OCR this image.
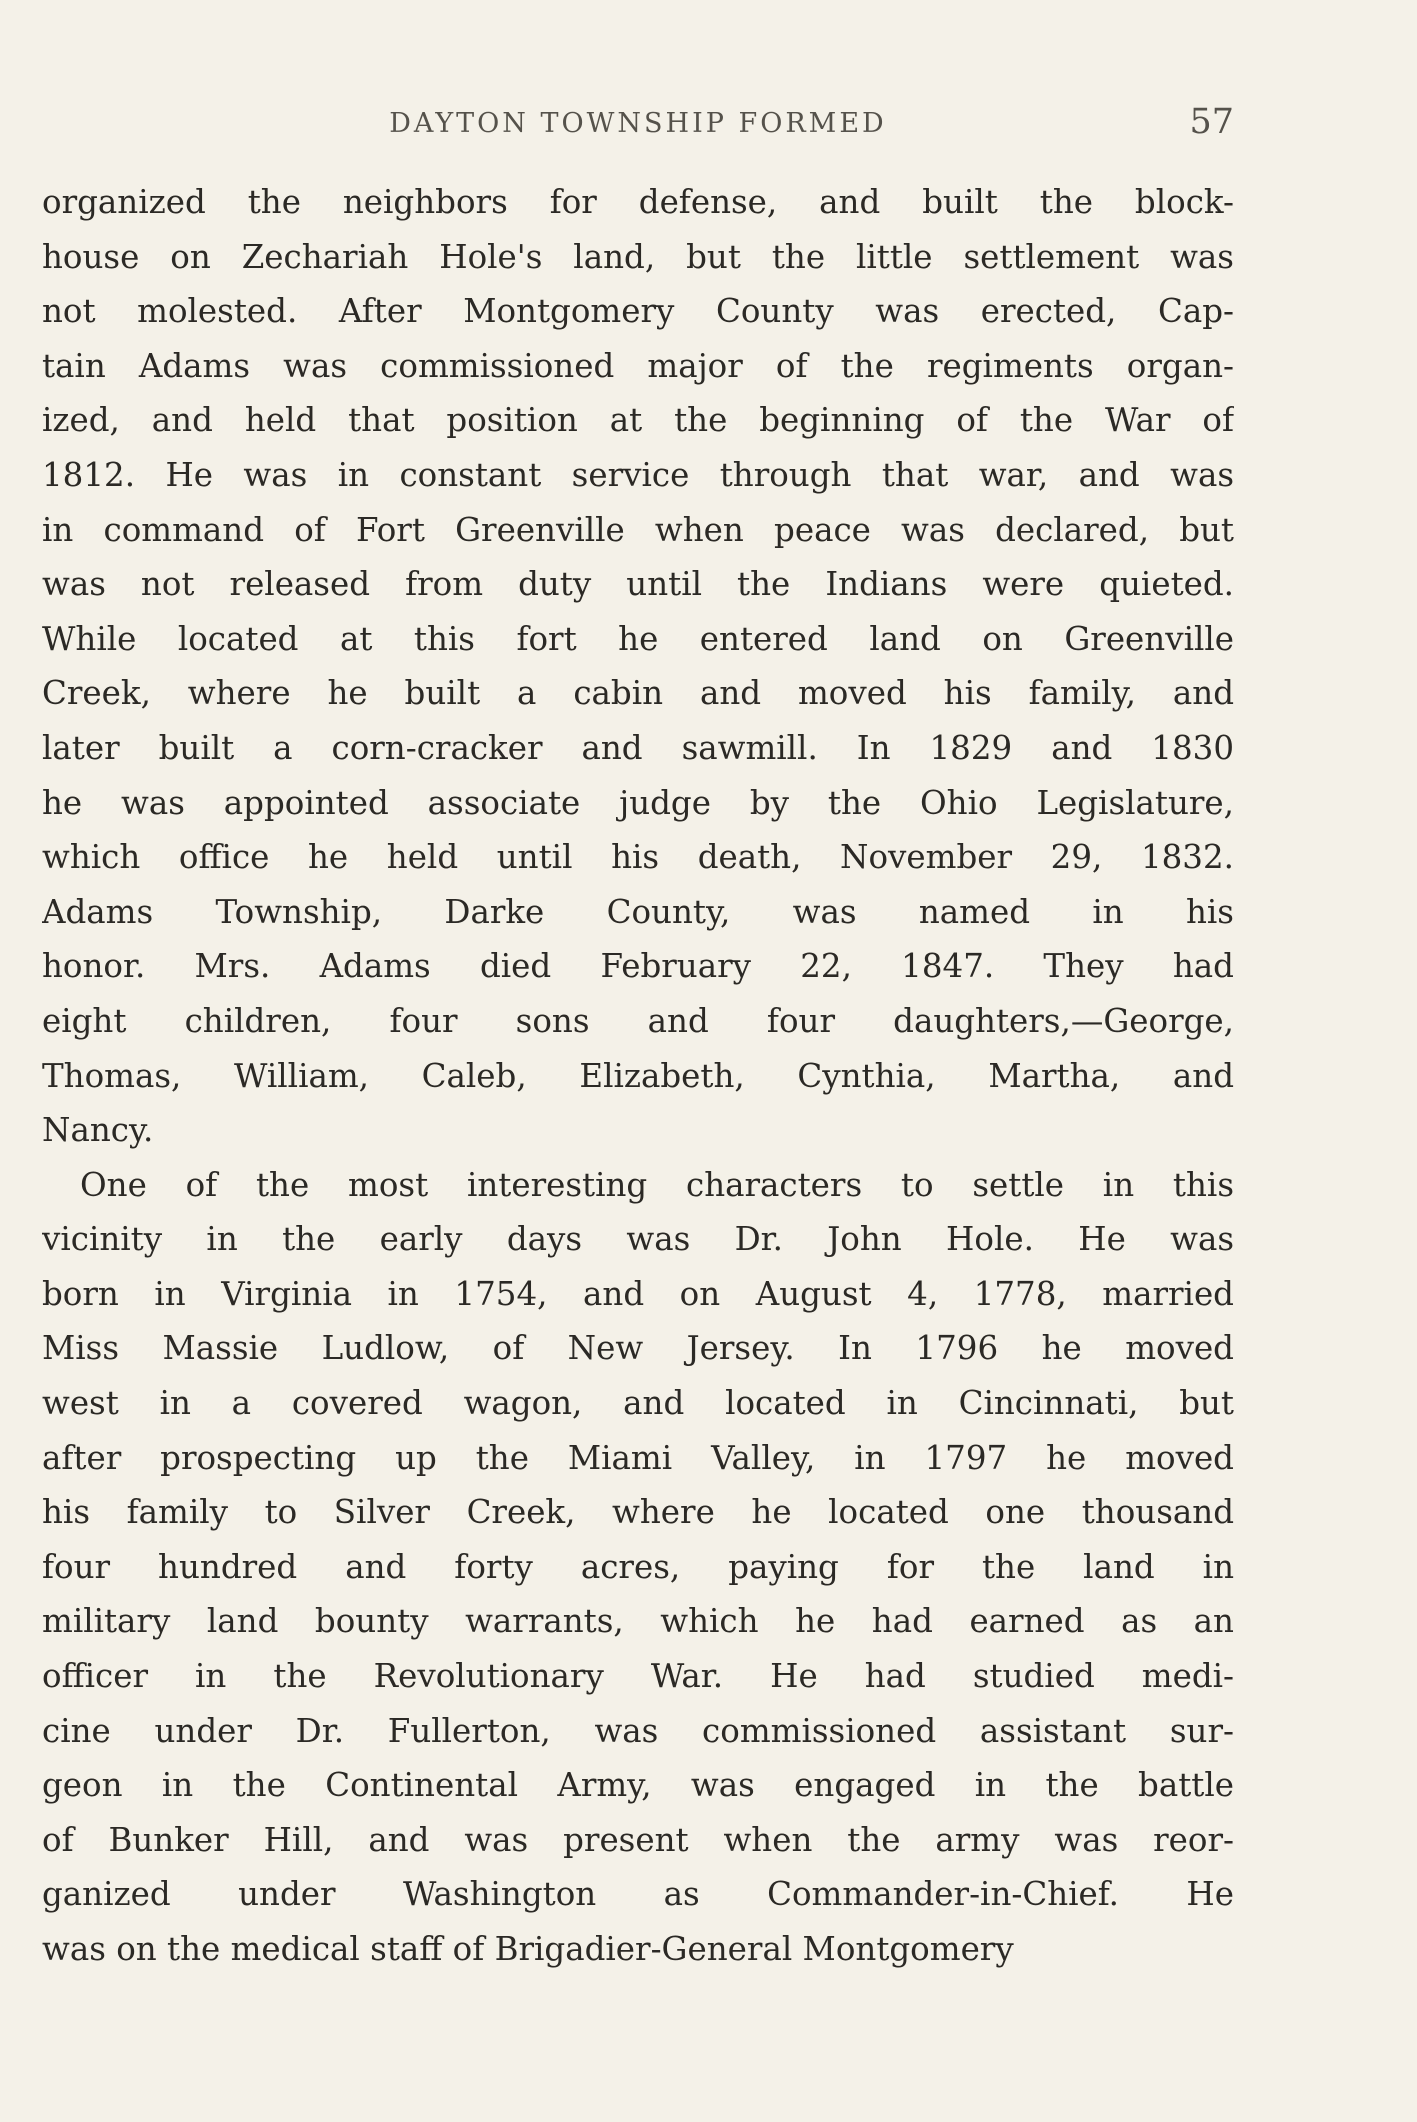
DAYTON TOWNSHIP FORMED	57
organized the neighbors for defense, and built the block-
house on Zechariah Hole's land, but the little settlement was
not molested. After Montgomery County was erected, Cap-
tain Adams was commissioned major of the regiments organ-
ized, and held that position at the beginning of the War of
1812. He was in constant service through that war, and was
in command of Fort Greenville when peace was declared, but
was not released from duty until the Indians were quieted.
While located at this fort he entered land on Greenville
Creek, where he built a cabin and moved his family, and
later built a corn-cracker and sawmill. In 1829 and 1830
he was appointed associate judge by the Ohio Legislature,
which office he held until his death, November 29, 1832.
Adams Township, Darke County, was named in his
honor. Mrs. Adams died February 22, 1847. They had
eight children, four sons and four daughters,—George,
Thomas, William, Caleb, Elizabeth, Cynthia, Martha, and
Nancy.
One of the most interesting characters to settle in this
vicinity in the early days was Dr. John Hole. He was
born in Virginia in 1754, and on August 4, 1778, married
Miss Massie Ludlow, of New Jersey. In 1796 he moved
west in a covered wagon, and located in Cincinnati, but
after prospecting up the Miami Valley, in 1797 he moved
his family to Silver Creek, where he located one thousand
four hundred and forty acres, paying for the land in
military land bounty warrants, which he had earned as an
officer in the Revolutionary War. He had studied medi-
cine under Dr. Fullerton, was commissioned assistant sur-
geon in the Continental Army, was engaged in the battle
of Bunker Hill, and was present when the army was reor-
ganized under Washington as Commander-in-Chief. He
was on the medical staff of Brigadier-General Montgomery
